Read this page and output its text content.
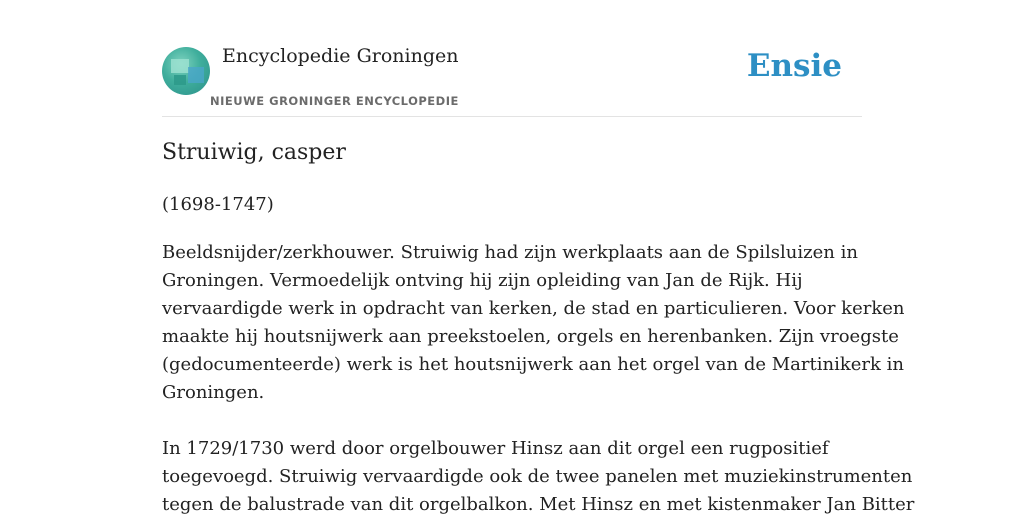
Encyclopedie Groningen
NIEUWE GRONINGER ENCYCLOPEDIE
Ensie
Struiwig, casper

(1698-1747)

Beeldsnijder/zerkhouwer. Struiwig had zijn werkplaats aan de Spilsluizen in
Groningen. Vermoedelijk ontving hij zijn opleiding van Jan de Rijk. Hij
vervaardigde werk in opdracht van kerken, de stad en particulieren. Voor kerken
maakte hij houtsnijwerk aan preekstoelen, orgels en herenbanken. Zijn vroegste
(gedocumenteerde) werk is het houtsnijwerk aan het orgel van de Martinikerk in
Groningen.
In 1729/1730 werd door orgelbouwer Hinsz aan dit orgel een rugpositief
toegevoegd. Struiwig vervaardigde ook de twee panelen met muziekinstrumenten
tegen de balustrade van dit orgelbalkon. Met Hinsz en met kistenmaker Jan Bitter
